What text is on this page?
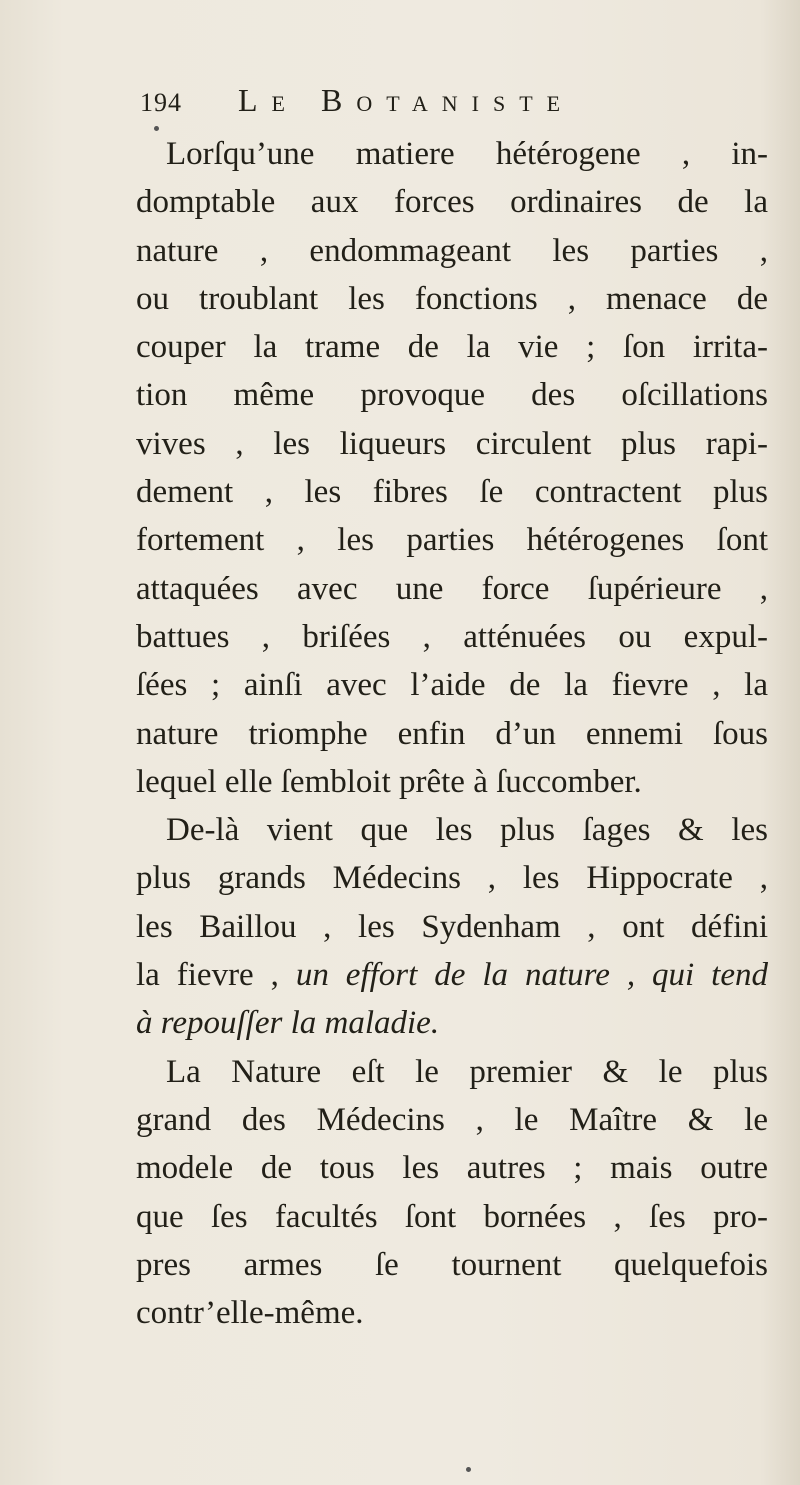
194 Le Botaniste
Lorſqu’une matiere hétérogene , in-
domptable aux forces ordinaires de la
nature , endommageant les parties ,
ou troublant les fonctions , menace de
couper la trame de la vie ; ſon irrita-
tion même provoque des oſcillations
vives , les liqueurs circulent plus rapi-
dement , les fibres ſe contractent plus
fortement , les parties hétérogenes ſont
attaquées avec une force ſupérieure ,
battues , briſées , atténuées ou expul-
ſées ; ainſi avec l’aide de la fievre , la
nature triomphe enfin d’un ennemi ſous
lequel elle ſembloit prête à ſuccomber.
De-là vient que les plus ſages & les
plus grands Médecins , les Hippocrate ,
les Baillou , les Sydenham , ont défini
la fievre , un effort de la nature , qui tend
à repouſſer la maladie.
La Nature eſt le premier & le plus
grand des Médecins , le Maître & le
modele de tous les autres ; mais outre
que ſes facultés ſont bornées , ſes pro-
pres armes ſe tournent quelquefois
contr’elle-même.
